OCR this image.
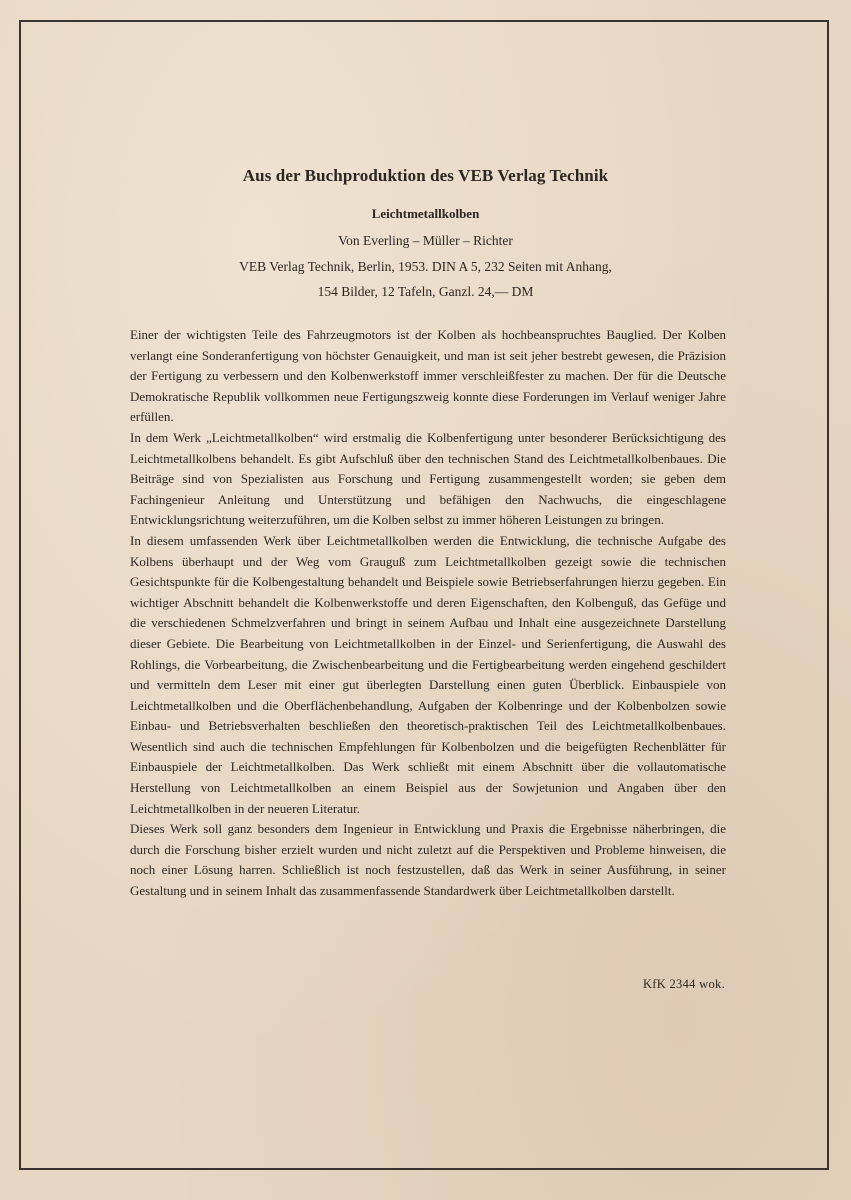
Aus der Buchproduktion des VEB Verlag Technik
Leichtmetallkolben
Von Everling – Müller – Richter
VEB Verlag Technik, Berlin, 1953. DIN A 5, 232 Seiten mit Anhang,
154 Bilder, 12 Tafeln, Ganzl. 24,— DM

Einer der wichtigsten Teile des Fahrzeugmotors ist der Kolben als hochbeanspruchtes Bauglied. Der Kolben verlangt eine Sonderanfertigung von höchster Genauigkeit, und man ist seit jeher bestrebt gewesen, die Präzision der Fertigung zu verbessern und den Kolbenwerkstoff immer verschleißfester zu machen. Der für die Deutsche Demokratische Republik vollkommen neue Fertigungszweig konnte diese Forderungen im Verlauf weniger Jahre erfüllen.

In dem Werk „Leichtmetallkolben“ wird erstmalig die Kolbenfertigung unter besonderer Berücksichtigung des Leichtmetallkolbens behandelt. Es gibt Aufschluß über den technischen Stand des Leichtmetallkolbenbaues. Die Beiträge sind von Spezialisten aus Forschung und Fertigung zusammengestellt worden; sie geben dem Fachingenieur Anleitung und Unterstützung und befähigen den Nachwuchs, die eingeschlagene Entwicklungsrichtung weiterzuführen, um die Kolben selbst zu immer höheren Leistungen zu bringen.

In diesem umfassenden Werk über Leichtmetallkolben werden die Entwicklung, die technische Aufgabe des Kolbens überhaupt und der Weg vom Grauguß zum Leichtmetallkolben gezeigt sowie die technischen Gesichtspunkte für die Kolbengestaltung behandelt und Beispiele sowie Betriebserfahrungen hierzu gegeben. Ein wichtiger Abschnitt behandelt die Kolbenwerkstoffe und deren Eigenschaften, den Kolbenguß, das Gefüge und die verschiedenen Schmelzverfahren und bringt in seinem Aufbau und Inhalt eine ausgezeichnete Darstellung dieser Gebiete. Die Bearbeitung von Leichtmetallkolben in der Einzel- und Serienfertigung, die Auswahl des Rohlings, die Vorbearbeitung, die Zwischenbearbeitung und die Fertigbearbeitung werden eingehend geschildert und vermitteln dem Leser mit einer gut überlegten Darstellung einen guten Überblick. Einbauspiele von Leichtmetallkolben und die Oberflächenbehandlung, Aufgaben der Kolbenringe und der Kolbenbolzen sowie Einbau- und Betriebsverhalten beschließen den theoretisch-praktischen Teil des Leichtmetallkolbenbaues. Wesentlich sind auch die technischen Empfehlungen für Kolbenbolzen und die beigefügten Rechenblätter für Einbauspiele der Leichtmetallkolben. Das Werk schließt mit einem Abschnitt über die vollautomatische Herstellung von Leichtmetallkolben an einem Beispiel aus der Sowjetunion und Angaben über den Leichtmetallkolben in der neueren Literatur.

Dieses Werk soll ganz besonders dem Ingenieur in Entwicklung und Praxis die Ergebnisse näherbringen, die durch die Forschung bisher erzielt wurden und nicht zuletzt auf die Perspektiven und Probleme hinweisen, die noch einer Lösung harren. Schließlich ist noch festzustellen, daß das Werk in seiner Ausführung, in seiner Gestaltung und in seinem Inhalt das zusammenfassende Standardwerk über Leichtmetallkolben darstellt.

KfK 2344 wok.
